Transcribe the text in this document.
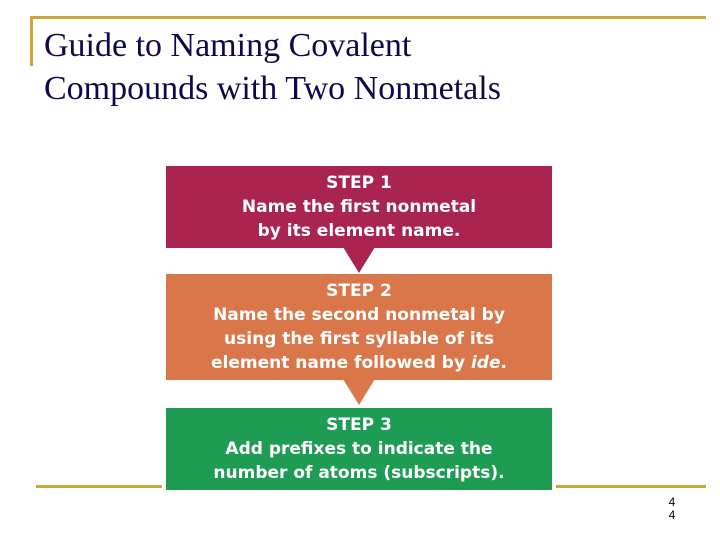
Guide to Naming Covalent
Compounds with Two Nonmetals
STEP 1
Name the first nonmetal
by its element name.
STEP 2
Name the second nonmetal by
using the first syllable of its
element name followed by ide.
STEP 3
Add prefixes to indicate the
number of atoms (subscripts).
4
4
